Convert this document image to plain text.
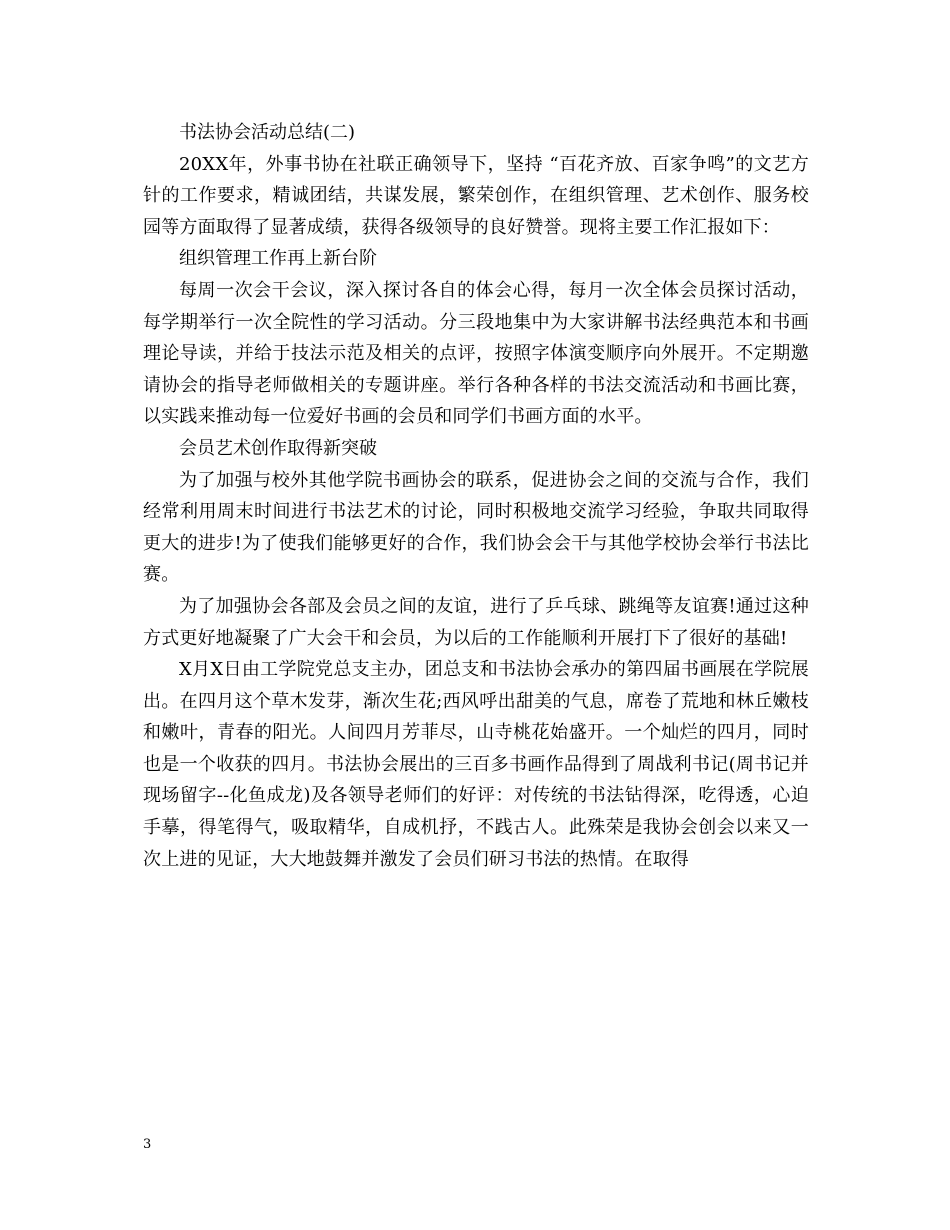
书法协会活动总结(二)

20XX年，外事书协在社联正确领导下，坚持 “百花齐放、百家争鸣”的文艺方针的工作要求，精诚团结，共谋发展，繁荣创作，在组织管理、艺术创作、服务校园等方面取得了显著成绩，获得各级领导的良好赞誉。现将主要工作汇报如下：

组织管理工作再上新台阶

每周一次会干会议，深入探讨各自的体会心得，每月一次全体会员探讨活动，每学期举行一次全院性的学习活动。分三段地集中为大家讲解书法经典范本和书画理论导读，并给于技法示范及相关的点评，按照字体演变顺序向外展开。不定期邀请协会的指导老师做相关的专题讲座。举行各种各样的书法交流活动和书画比赛，以实践来推动每一位爱好书画的会员和同学们书画方面的水平。

会员艺术创作取得新突破

为了加强与校外其他学院书画协会的联系，促进协会之间的交流与合作，我们经常利用周末时间进行书法艺术的讨论，同时积极地交流学习经验，争取共同取得更大的进步!为了使我们能够更好的合作，我们协会会干与其他学校协会举行书法比赛。

为了加强协会各部及会员之间的友谊，进行了乒乓球、跳绳等友谊赛!通过这种方式更好地凝聚了广大会干和会员，为以后的工作能顺利开展打下了很好的基础!

X月X日由工学院党总支主办，团总支和书法协会承办的第四届书画展在学院展出。在四月这个草木发芽，渐次生花;西风呼出甜美的气息，席卷了荒地和林丘嫩枝和嫩叶，青春的阳光。人间四月芳菲尽，山寺桃花始盛开。一个灿烂的四月，同时也是一个收获的四月。书法协会展出的三百多书画作品得到了周战利书记(周书记并现场留字--化鱼成龙)及各领导老师们的好评：对传统的书法钻得深，吃得透，心迫手摹，得笔得气，吸取精华，自成机抒，不践古人。此殊荣是我协会创会以来又一次上进的见证，大大地鼓舞并激发了会员们研习书法的热情。在取得

3
